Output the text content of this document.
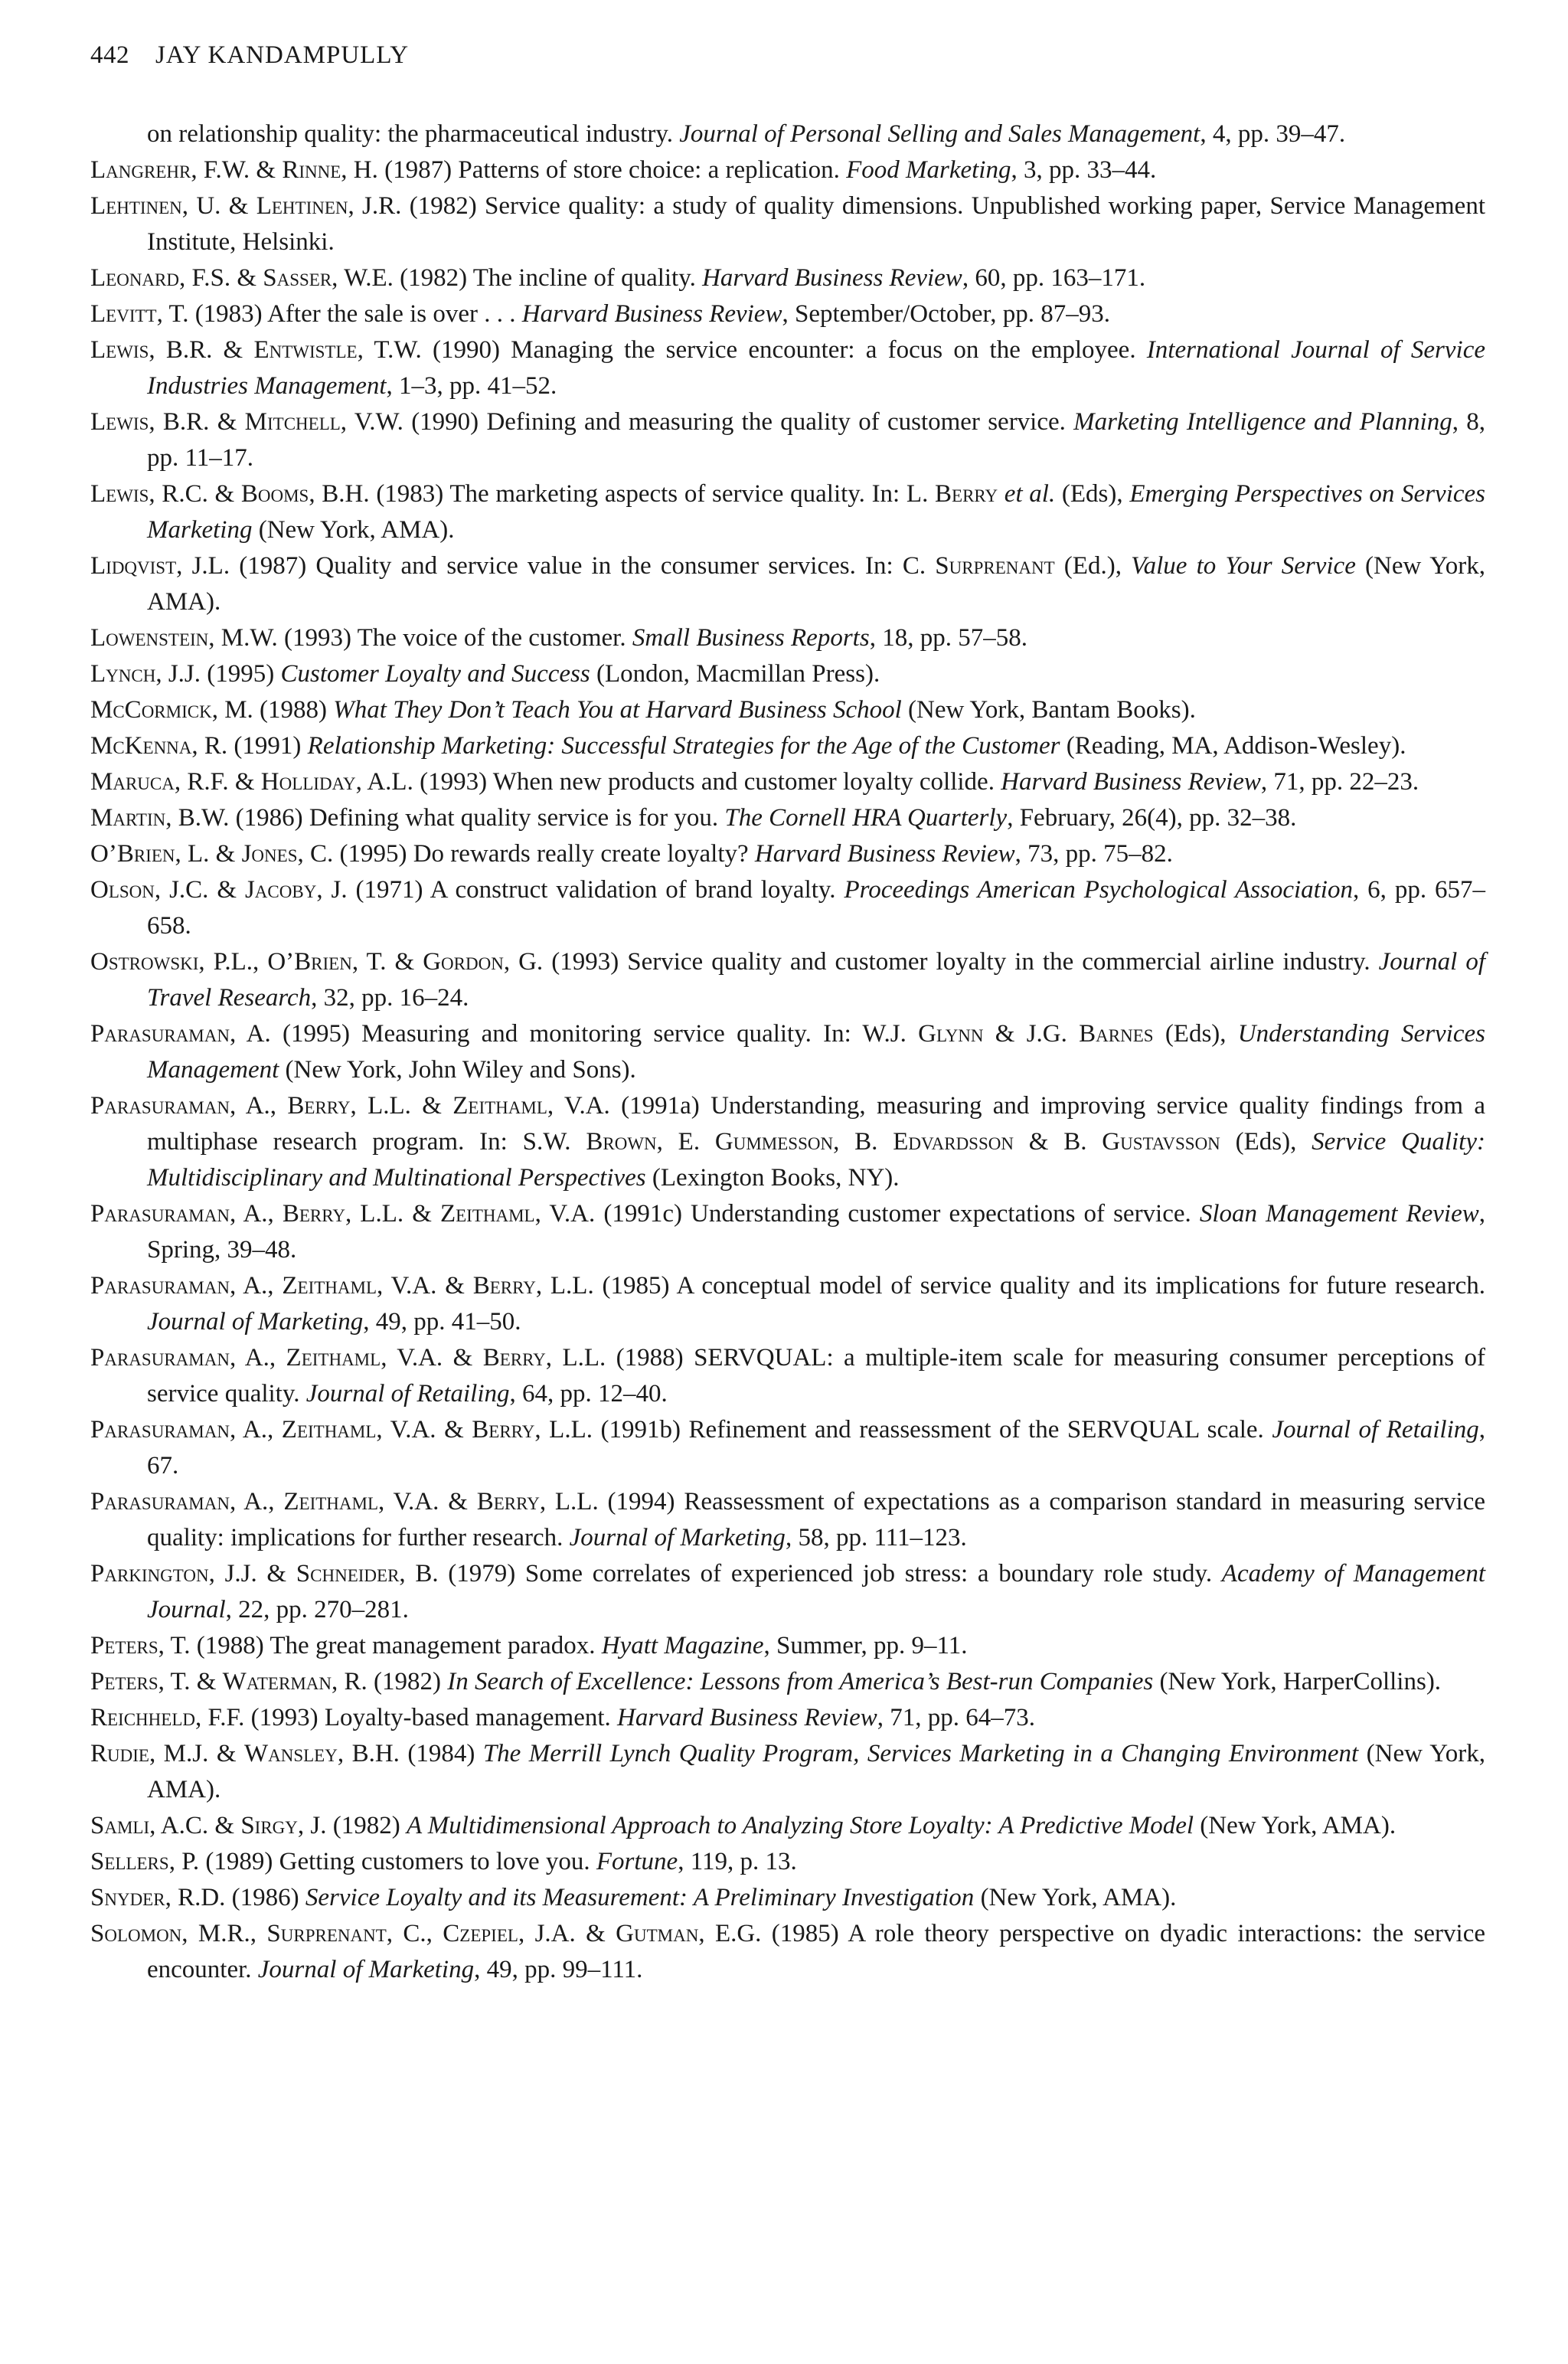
442 JAY KANDAMPULLY

on relationship quality: the pharmaceutical industry. Journal of Personal Selling and Sales Management, 4, pp. 39–47.

Langrehr, F.W. & Rinne, H. (1987) Patterns of store choice: a replication. Food Marketing, 3, pp. 33–44.

Lehtinen, U. & Lehtinen, J.R. (1982) Service quality: a study of quality dimensions. Unpublished working paper, Service Management Institute, Helsinki.

Leonard, F.S. & Sasser, W.E. (1982) The incline of quality. Harvard Business Review, 60, pp. 163–171.

Levitt, T. (1983) After the sale is over . . . Harvard Business Review, September/October, pp. 87–93.

Lewis, B.R. & Entwistle, T.W. (1990) Managing the service encounter: a focus on the employee. International Journal of Service Industries Management, 1–3, pp. 41–52.

Lewis, B.R. & Mitchell, V.W. (1990) Defining and measuring the quality of customer service. Marketing Intelligence and Planning, 8, pp. 11–17.

Lewis, R.C. & Booms, B.H. (1983) The marketing aspects of service quality. In: L. Berry et al. (Eds), Emerging Perspectives on Services Marketing (New York, AMA).

Lidqvist, J.L. (1987) Quality and service value in the consumer services. In: C. Surprenant (Ed.), Value to Your Service (New York, AMA).

Lowenstein, M.W. (1993) The voice of the customer. Small Business Reports, 18, pp. 57–58.

Lynch, J.J. (1995) Customer Loyalty and Success (London, Macmillan Press).

McCormick, M. (1988) What They Don’t Teach You at Harvard Business School (New York, Bantam Books).

McKenna, R. (1991) Relationship Marketing: Successful Strategies for the Age of the Customer (Reading, MA, Addison-Wesley).

Maruca, R.F. & Holliday, A.L. (1993) When new products and customer loyalty collide. Harvard Business Review, 71, pp. 22–23.

Martin, B.W. (1986) Defining what quality service is for you. The Cornell HRA Quarterly, February, 26(4), pp. 32–38.

O’Brien, L. & Jones, C. (1995) Do rewards really create loyalty? Harvard Business Review, 73, pp. 75–82.

Olson, J.C. & Jacoby, J. (1971) A construct validation of brand loyalty. Proceedings American Psychological Association, 6, pp. 657–658.

Ostrowski, P.L., O’Brien, T. & Gordon, G. (1993) Service quality and customer loyalty in the commercial airline industry. Journal of Travel Research, 32, pp. 16–24.

Parasuraman, A. (1995) Measuring and monitoring service quality. In: W.J. Glynn & J.G. Barnes (Eds), Understanding Services Management (New York, John Wiley and Sons).

Parasuraman, A., Berry, L.L. & Zeithaml, V.A. (1991a) Understanding, measuring and improving service quality findings from a multiphase research program. In: S.W. Brown, E. Gummesson, B. Edvardsson & B. Gustavsson (Eds), Service Quality: Multidisciplinary and Multinational Perspectives (Lexington Books, NY).

Parasuraman, A., Berry, L.L. & Zeithaml, V.A. (1991c) Understanding customer expectations of service. Sloan Management Review, Spring, 39–48.

Parasuraman, A., Zeithaml, V.A. & Berry, L.L. (1985) A conceptual model of service quality and its implications for future research. Journal of Marketing, 49, pp. 41–50.

Parasuraman, A., Zeithaml, V.A. & Berry, L.L. (1988) SERVQUAL: a multiple-item scale for measuring consumer perceptions of service quality. Journal of Retailing, 64, pp. 12–40.

Parasuraman, A., Zeithaml, V.A. & Berry, L.L. (1991b) Refinement and reassessment of the SERVQUAL scale. Journal of Retailing, 67.

Parasuraman, A., Zeithaml, V.A. & Berry, L.L. (1994) Reassessment of expectations as a comparison standard in measuring service quality: implications for further research. Journal of Marketing, 58, pp. 111–123.

Parkington, J.J. & Schneider, B. (1979) Some correlates of experienced job stress: a boundary role study. Academy of Management Journal, 22, pp. 270–281.

Peters, T. (1988) The great management paradox. Hyatt Magazine, Summer, pp. 9–11.

Peters, T. & Waterman, R. (1982) In Search of Excellence: Lessons from America’s Best-run Companies (New York, HarperCollins).

Reichheld, F.F. (1993) Loyalty-based management. Harvard Business Review, 71, pp. 64–73.

Rudie, M.J. & Wansley, B.H. (1984) The Merrill Lynch Quality Program, Services Marketing in a Changing Environment (New York, AMA).

Samli, A.C. & Sirgy, J. (1982) A Multidimensional Approach to Analyzing Store Loyalty: A Predictive Model (New York, AMA).

Sellers, P. (1989) Getting customers to love you. Fortune, 119, p. 13.

Snyder, R.D. (1986) Service Loyalty and its Measurement: A Preliminary Investigation (New York, AMA).

Solomon, M.R., Surprenant, C., Czepiel, J.A. & Gutman, E.G. (1985) A role theory perspective on dyadic interactions: the service encounter. Journal of Marketing, 49, pp. 99–111.
